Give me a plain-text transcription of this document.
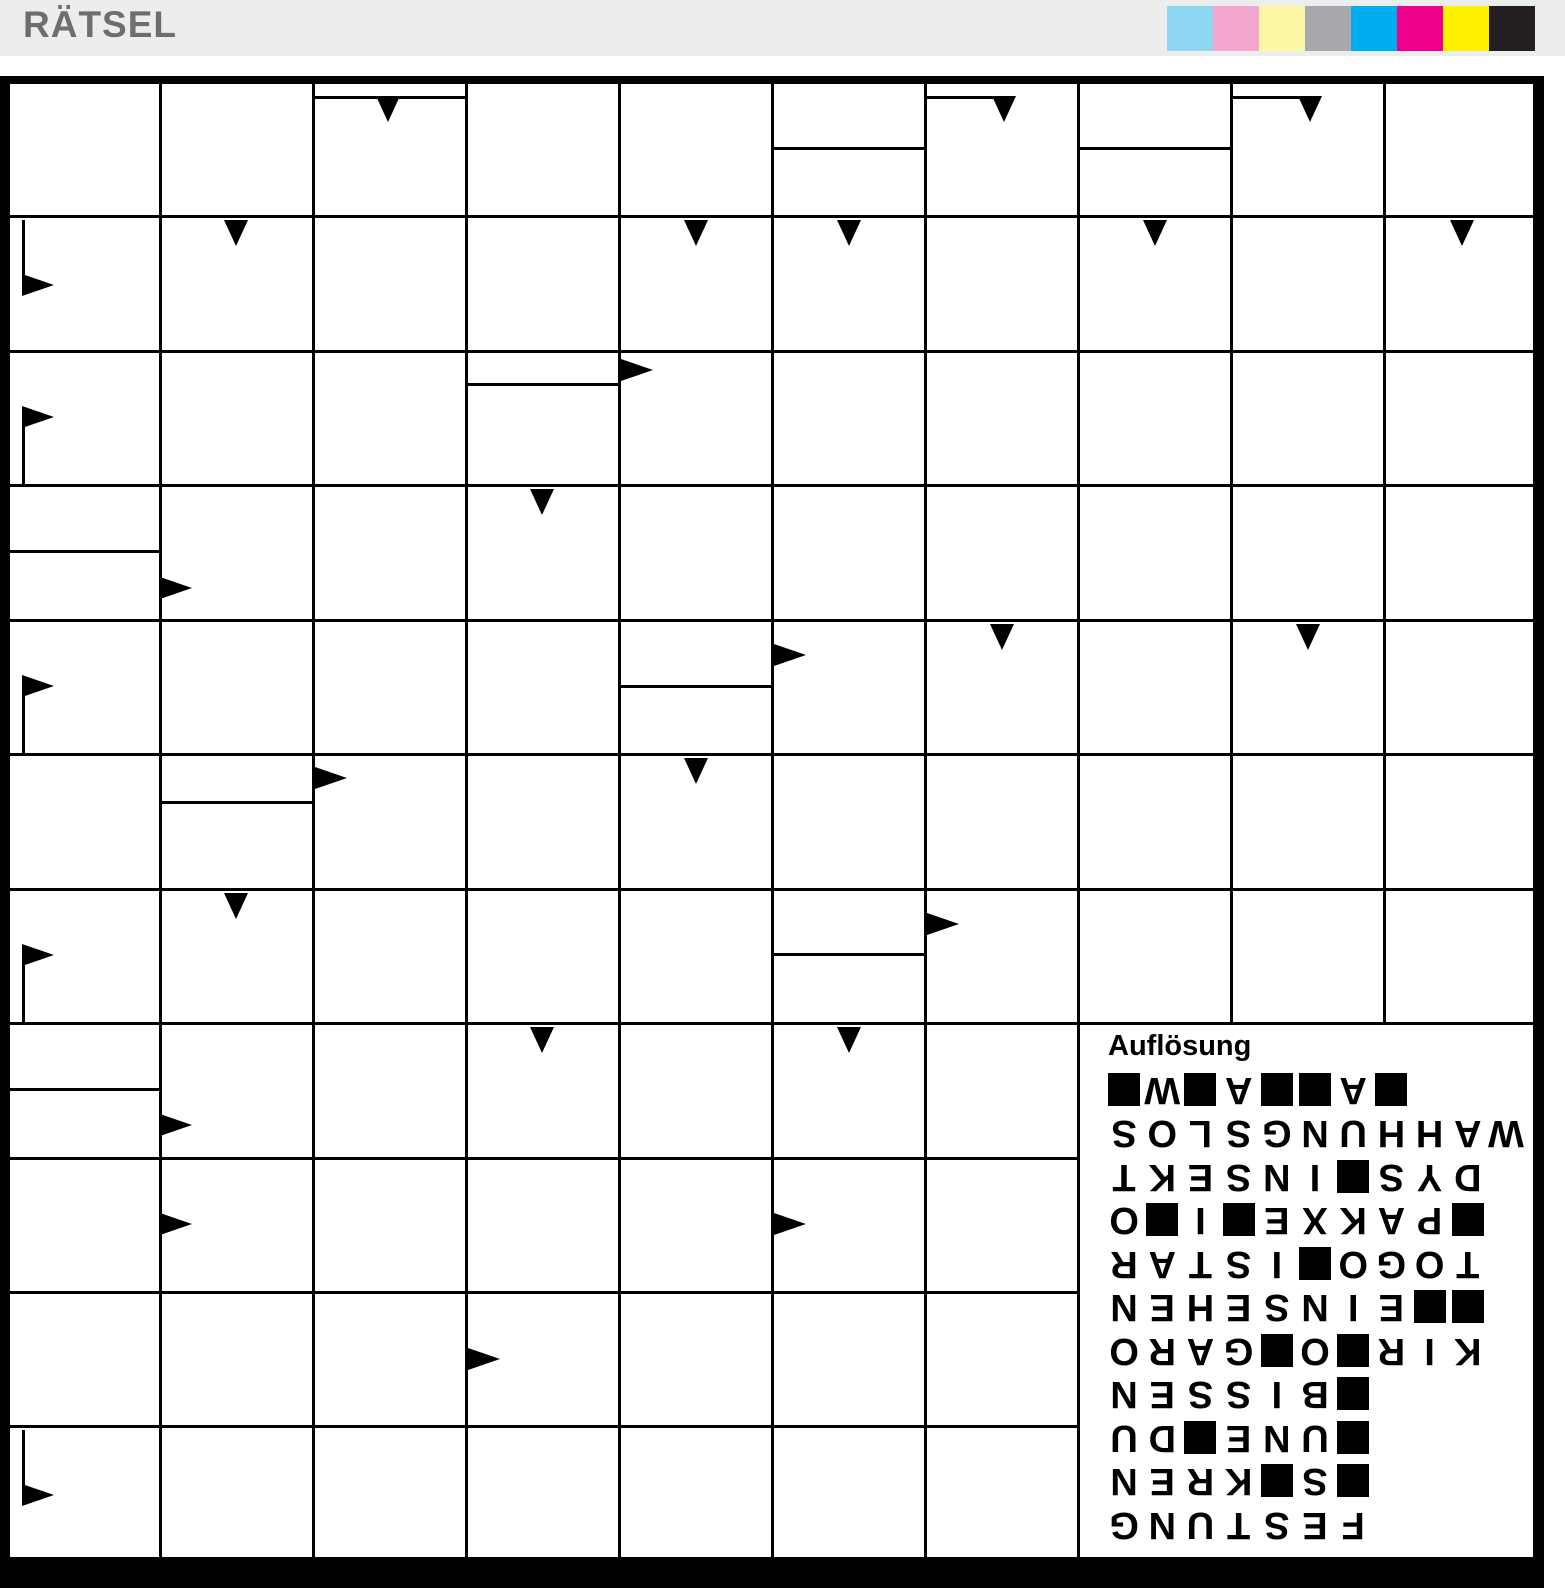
RÄTSEL
Auflösung
F
E
S
T
U
N
G
S
K
R
E
N
U
N
E
D
U
B
I
S
S
E
N
K
I
R
O
G
A
R
O
E
I
N
S
E
H
E
N
T
O
G
O
I
S
T
A
R
P
A
K
X
E
I
O
D
Y
S
I
N
S
E
K
T
W
A
H
H
U
N
G
S
L
O
S
A
A
W
